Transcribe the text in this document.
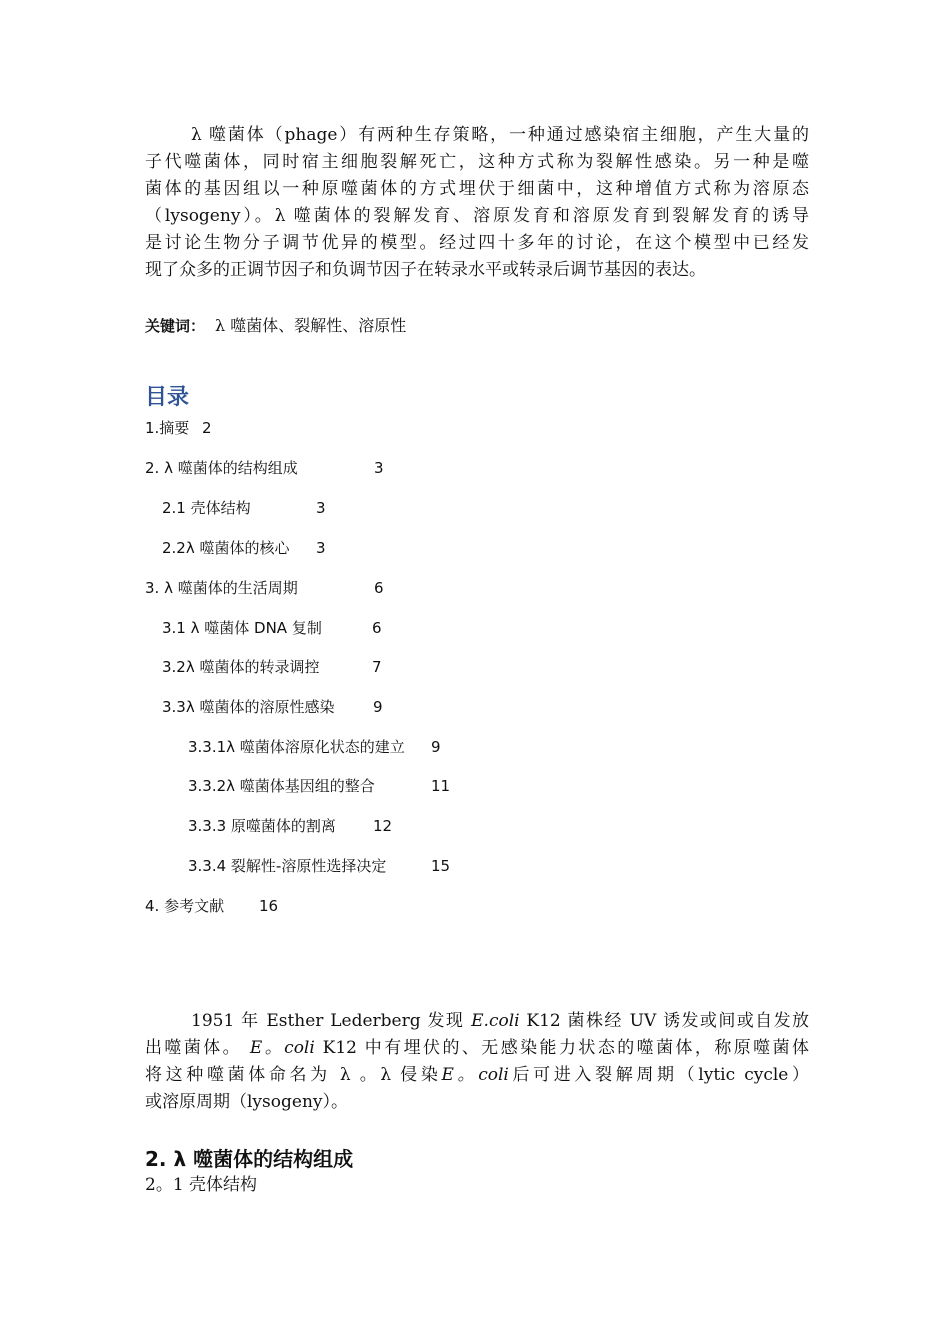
λ 噬菌体（phage）有两种生存策略，一种通过感染宿主细胞，产生大量的
子代噬菌体，同时宿主细胞裂解死亡，这种方式称为裂解性感染。另一种是噬
菌体的基因组以一种原噬菌体的方式埋伏于细菌中，这种增值方式称为溶原态
（lysogeny）。λ 噬菌体的裂解发育、溶原发育和溶原发育到裂解发育的诱导
是讨论生物分子调节优异的模型。经过四十多年的讨论，在这个模型中已经发
现了众多的正调节因子和负调节因子在转录水平或转录后调节基因的表达。
关键词： λ 噬菌体、裂解性、溶原性
目录
1.摘要 2
2. λ 噬菌体的结构组成	3
2.1 壳体结构	3
2.2λ 噬菌体的核心 3
3. λ 噬菌体的生活周期	6
3.1 λ 噬菌体 DNA 复制	6
3.2λ 噬菌体的转录调控	7
3.3λ 噬菌体的溶原性感染	9
3.3.1λ 噬菌体溶原化状态的建立 9
3.3.2λ 噬菌体基因组的整合	11
3.3.3 原噬菌体的割离 12
3.3.4 裂解性-溶原性选择决定	15
4. 参考文献 16
1951 年 Esther Lederberg 发现 E.coli K12 菌株经 UV 诱发或间或自发放
出噬菌体。 E。coli K12 中有埋伏的、无感染能力状态的噬菌体，称原噬菌体
将这种噬菌体命名为 λ 。λ 侵染E。coli后可进入裂解周期（lytic cycle）
或溶原周期（lysogeny）。
2. λ 噬菌体的结构组成
2。1 壳体结构
